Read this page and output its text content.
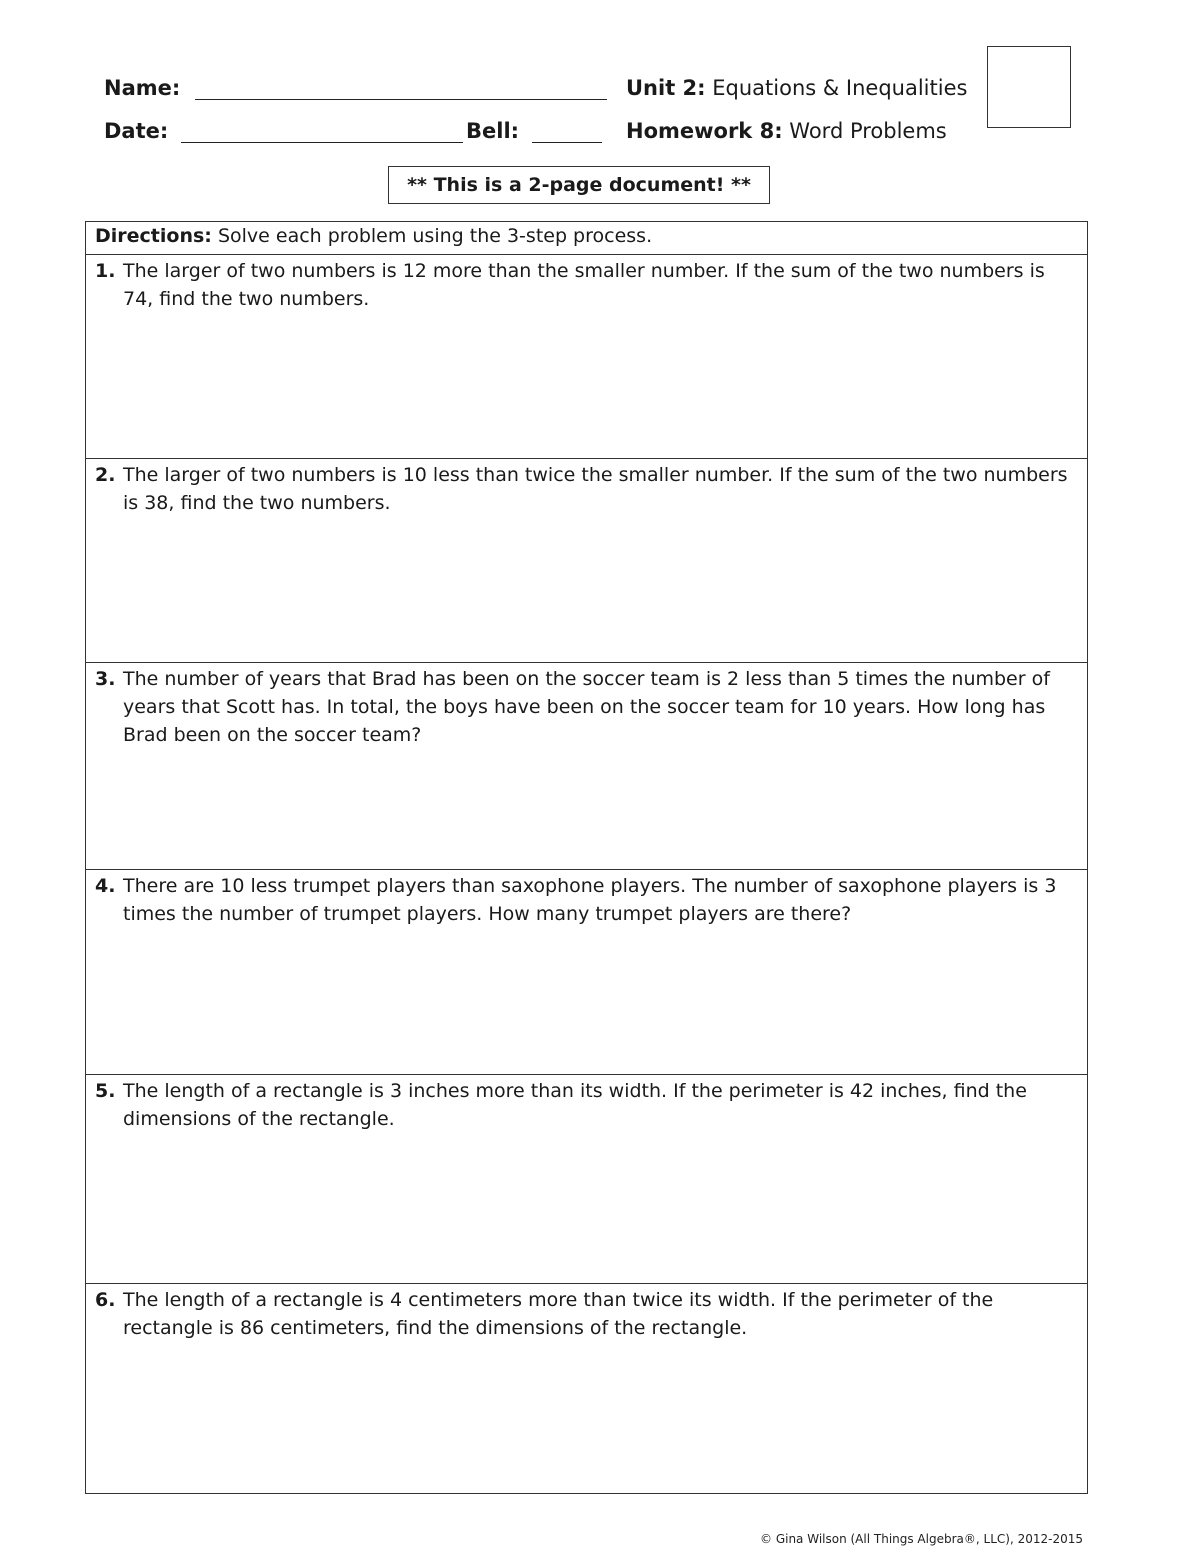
Name:	Unit 2: Equations & Inequalities
Date:	Bell:	Homework 8: Word Problems
** This is a 2-page document! **
Directions: Solve each problem using the 3-step process.
1. The larger of two numbers is 12 more than the smaller number. If the sum of the two numbers is 74, find the two numbers.
2. The larger of two numbers is 10 less than twice the smaller number. If the sum of the two numbers is 38, find the two numbers.
3. The number of years that Brad has been on the soccer team is 2 less than 5 times the number of years that Scott has. In total, the boys have been on the soccer team for 10 years. How long has Brad been on the soccer team?
4. There are 10 less trumpet players than saxophone players. The number of saxophone players is 3 times the number of trumpet players. How many trumpet players are there?
5. The length of a rectangle is 3 inches more than its width. If the perimeter is 42 inches, find the dimensions of the rectangle.
6. The length of a rectangle is 4 centimeters more than twice its width. If the perimeter of the rectangle is 86 centimeters, find the dimensions of the rectangle.
© Gina Wilson (All Things Algebra®, LLC), 2012-2015
